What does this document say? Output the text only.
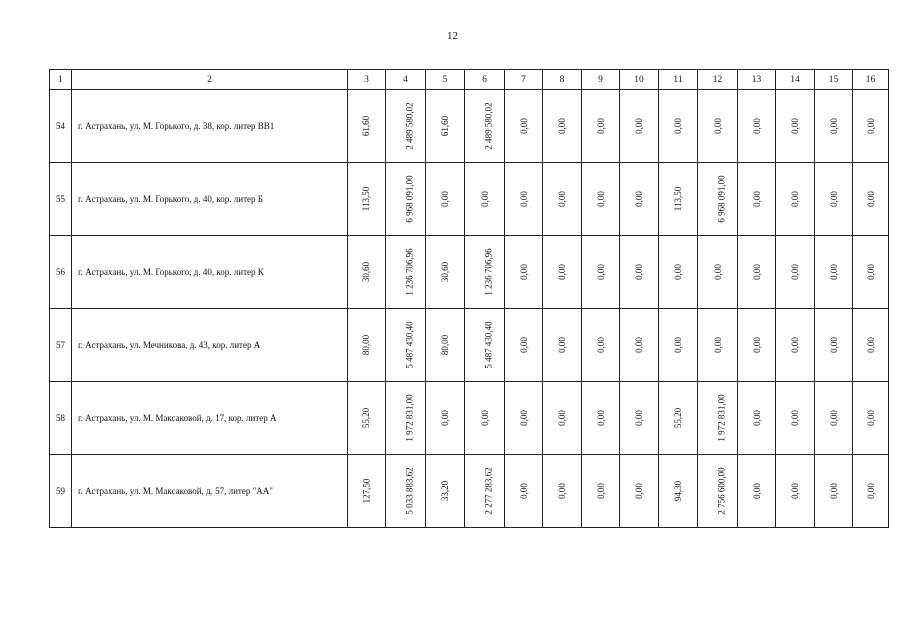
12
1	2	3	4	5	6	7	8	9	10	11	12	13	14	15	16
54	г. Астрахань, ул. М. Горького, д. 38, кор. литер ВВ1	61,60	2 489 580,02	61,60	2 489 580,02	0,00	0,00	0,00	0,00	0,00	0,00	0,00	0,00	0,00	0,00
55	г. Астрахань, ул. М. Горького, д. 40, кор. литер Б	113,50	6 968 091,00	0,00	0,00	0,00	0,00	0,00	0,00	113,50	6 968 091,00	0,00	0,00	0,00	0,00
56	г. Астрахань, ул. М. Горького, д. 40, кор. литер К	30,60	1 236 706,96	30,60	1 236 706,96	0,00	0,00	0,00	0,00	0,00	0,00	0,00	0,00	0,00	0,00
57	г. Астрахань, ул. Мечникова, д. 43, кор. литер А	80,00	5 487 430,40	80,00	5 487 430,40	0,00	0,00	0,00	0,00	0,00	0,00	0,00	0,00	0,00	0,00
58	г. Астрахань, ул. М. Максаковой, д. 17, кор. литер А	55,20	1 972 831,00	0,00	0,00	0,00	0,00	0,00	0,00	55,20	1 972 831,00	0,00	0,00	0,00	0,00
59	г. Астрахань, ул. М. Максаковой, д. 57, литер "АА"	127,50	5 033 883,62	33,20	2 277 283,62	0,00	0,00	0,00	0,00	94,30	2 756 600,00	0,00	0,00	0,00	0,00
